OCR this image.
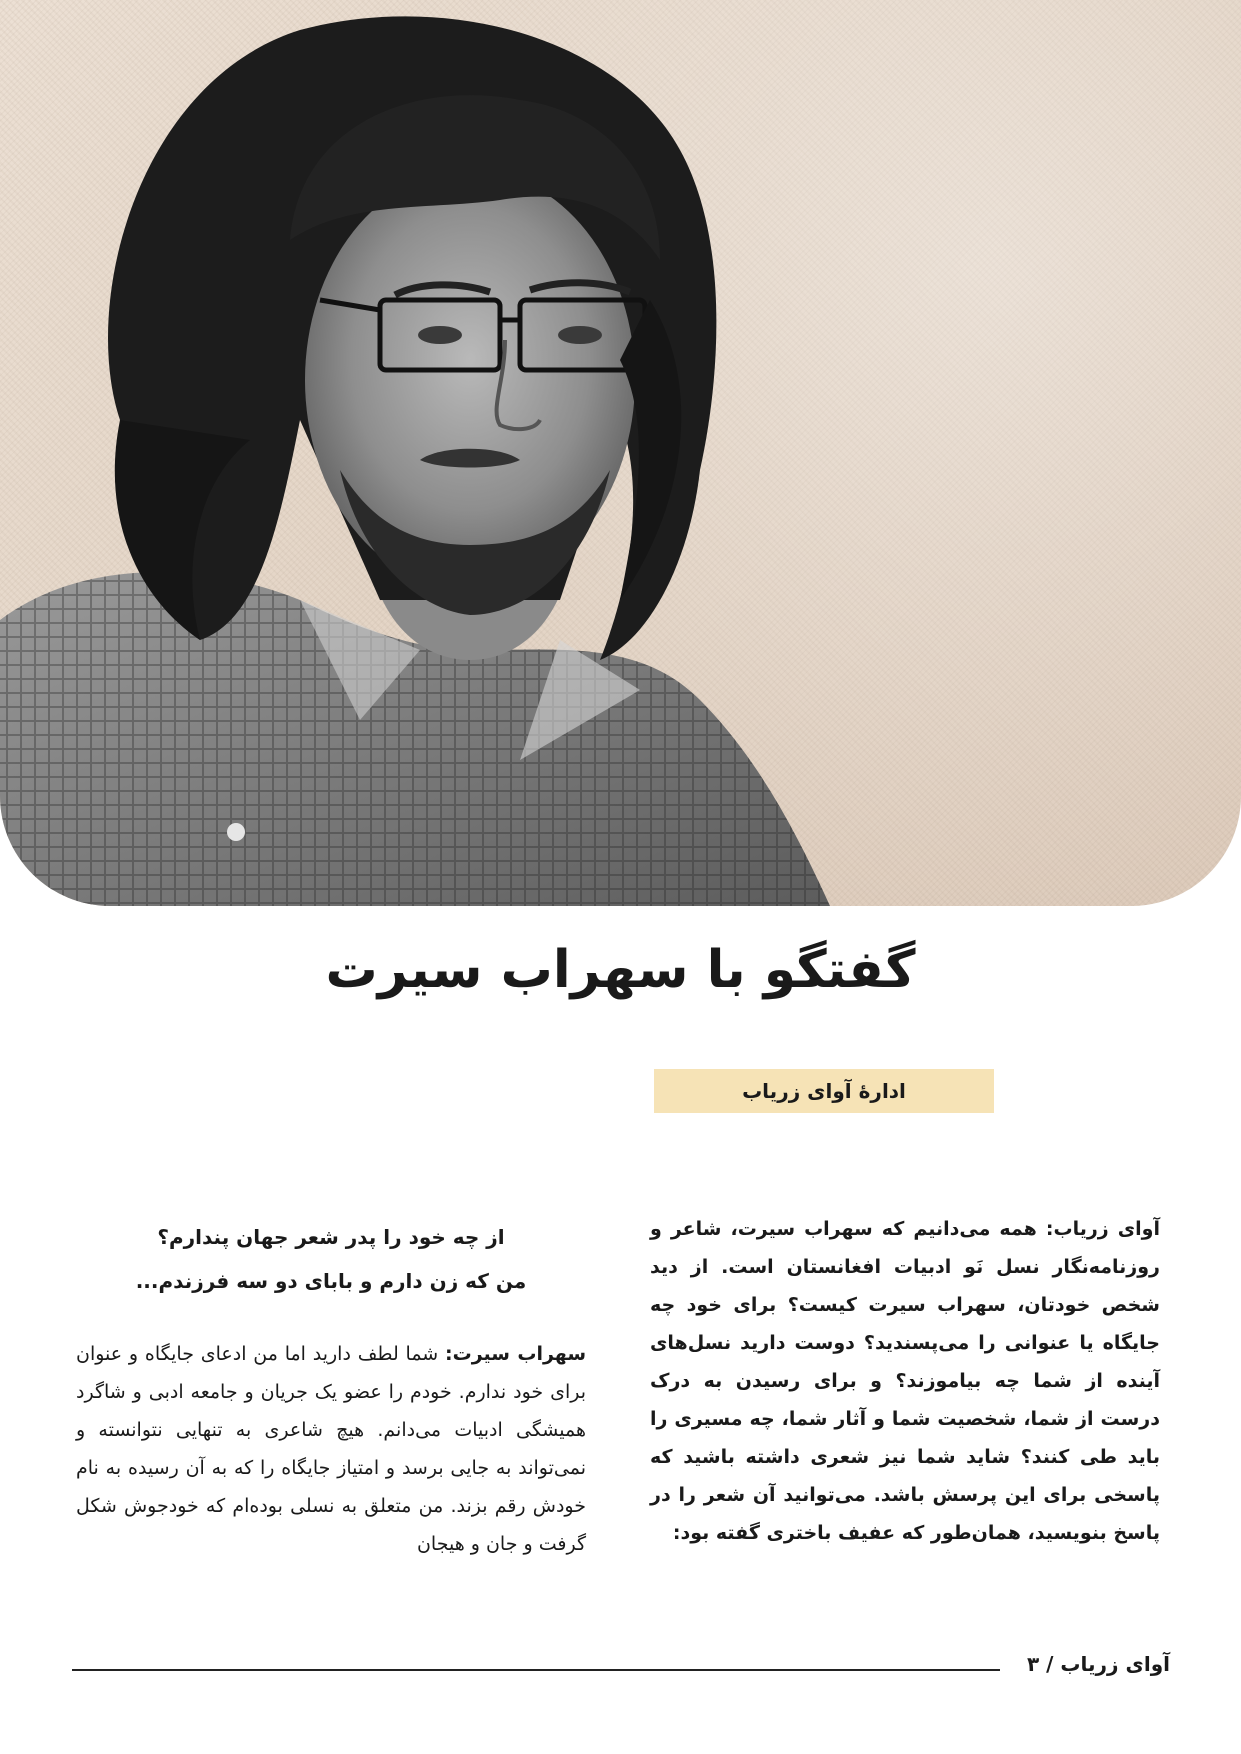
گفتگو با سهراب سیرت
ادارۀ آوای زریاب
آوای زریاب: همه می‌دانیم که سهراب سیرت، شاعر و روزنامه‌نگار نسل نَو ادبیات افغانستان است. از دید شخص خودتان، سهراب سیرت کیست؟ برای خود چه جایگاه یا عنوانی را می‌پسندید؟ دوست دارید نسل‌های آینده از شما چه بیاموزند؟ و برای رسیدن به درک درست از شما، شخصیت شما و آثار شما، چه مسیری را باید طی کنند؟ شاید شما نیز شعری داشته باشید که پاسخی برای این پرسش باشد. می‌توانید آن شعر را در پاسخ بنویسید، همان‌طور که عفیف باختری گفته بود:
از چه خود را پدر شعر جهان پندارم؟
من که زن دارم و بابای دو سه فرزندم...
سهراب سیرت: شما لطف دارید اما من ادعای جایگاه و عنوان برای خود ندارم. خودم را عضو یک جریان و جامعه ادبی و شاگرد همیشگی ادبیات می‌دانم. هیچ شاعری به تنهایی نتوانسته و نمی‌تواند به جایی برسد و امتیاز جایگاه را که به آن رسیده به نام خودش رقم بزند. من متعلق به نسلی بوده‌ام که خودجوش شکل گرفت و جان و هیجان
آوای زریاب / ۳
